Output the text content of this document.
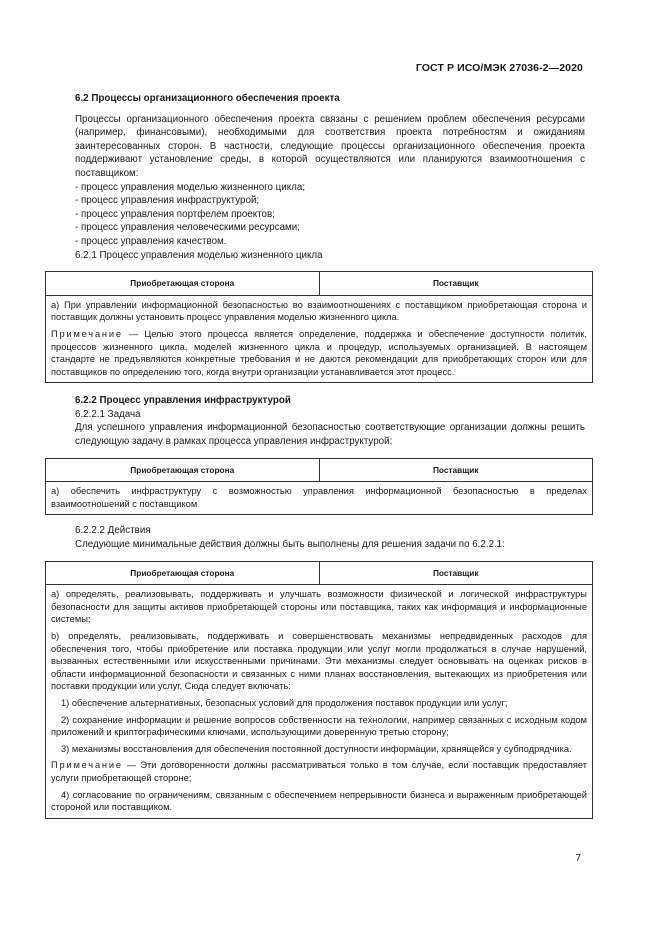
ГОСТ Р ИСО/МЭК 27036-2—2020
6.2 Процессы организационного обеспечения проекта

Процессы организационного обеспечения проекта связаны с решением проблем обеспечения ресурсами (например, финансовыми), необходимыми для соответствия проекта потребностям и ожиданиям заинтересованных сторон. В частности, следующие процессы организационного обеспечения проекта поддерживают установление среды, в которой осуществляются или планируются взаимоотношения с поставщиком:

- процесс управления моделью жизненного цикла;
- процесс управления инфраструктурой;
- процесс управления портфелем проектов;
- процесс управления человеческими ресурсами;
- процесс управления качеством.
6.2.1 Процесс управления моделью жизненного цикла
Приобретающая сторона	Поставщик

а) При управлении информационной безопасностью во взаимоотношениях с поставщиком приобретающая сторона и поставщик должны установить процесс управления моделью жизненного цикла.
Примечание — Целью этого процесса является определение, поддержка и обеспечение доступности политик, процессов жизненного цикла, моделей жизненного цикла и процедур, используемых организацией. В настоящем стандарте не предъявляются конкретные требования и не даются рекомендации для приобретающих сторон или для поставщиков по определению того, когда внутри организации устанавливается этот процесс.
6.2.2 Процесс управления инфраструктурой
6.2.2.1 Задача

Для успешного управления информационной безопасностью соответствующие организации должны решить следующую задачу в рамках процесса управления инфраструктурой:

Приобретающая сторона	Поставщик
а) обеспечить инфраструктуру с возможностью управления информационной безопасностью в пределах взаимоотношений с поставщиком
6.2.2.2 Действия

Следующие минимальные действия должны быть выполнены для решения задачи по 6.2.2.1:

Приобретающая сторона	Поставщик

а) определять, реализовывать, поддерживать и улучшать возможности физической и логической инфраструктуры безопасности для защиты активов приобретающей стороны или поставщика, таких как информация и информационные системы;
b) определять, реализовывать, поддерживать и совершенствовать механизмы непредвиденных расходов для обеспечения того, чтобы приобретение или поставка продукции или услуг могли продолжаться в случае нарушений, вызванных естественными или искусственными причинами. Эти механизмы следует основывать на оценках рисков в области информационной безопасности и связанных с ними планах восстановления, вытекающих из приобретения или поставки продукции или услуг. Сюда следует включать:
1) обеспечение альтернативных, безопасных условий для продолжения поставок продукции или услуг;
2) сохранение информации и решение вопросов собственности на технологии, например связанных с исходным кодом приложений и криптографическими ключами, использующими доверенную третью сторону;
3) механизмы восстановления для обеспечения постоянной доступности информации, хранящейся у субподрядчика.
Примечание — Эти договоренности должны рассматриваться только в том случае, если поставщик предоставляет услуги приобретающей стороне;
4) согласование по ограничениям, связанным с обеспечением непрерывности бизнеса и выраженным приобретающей стороной или поставщиком.
7
